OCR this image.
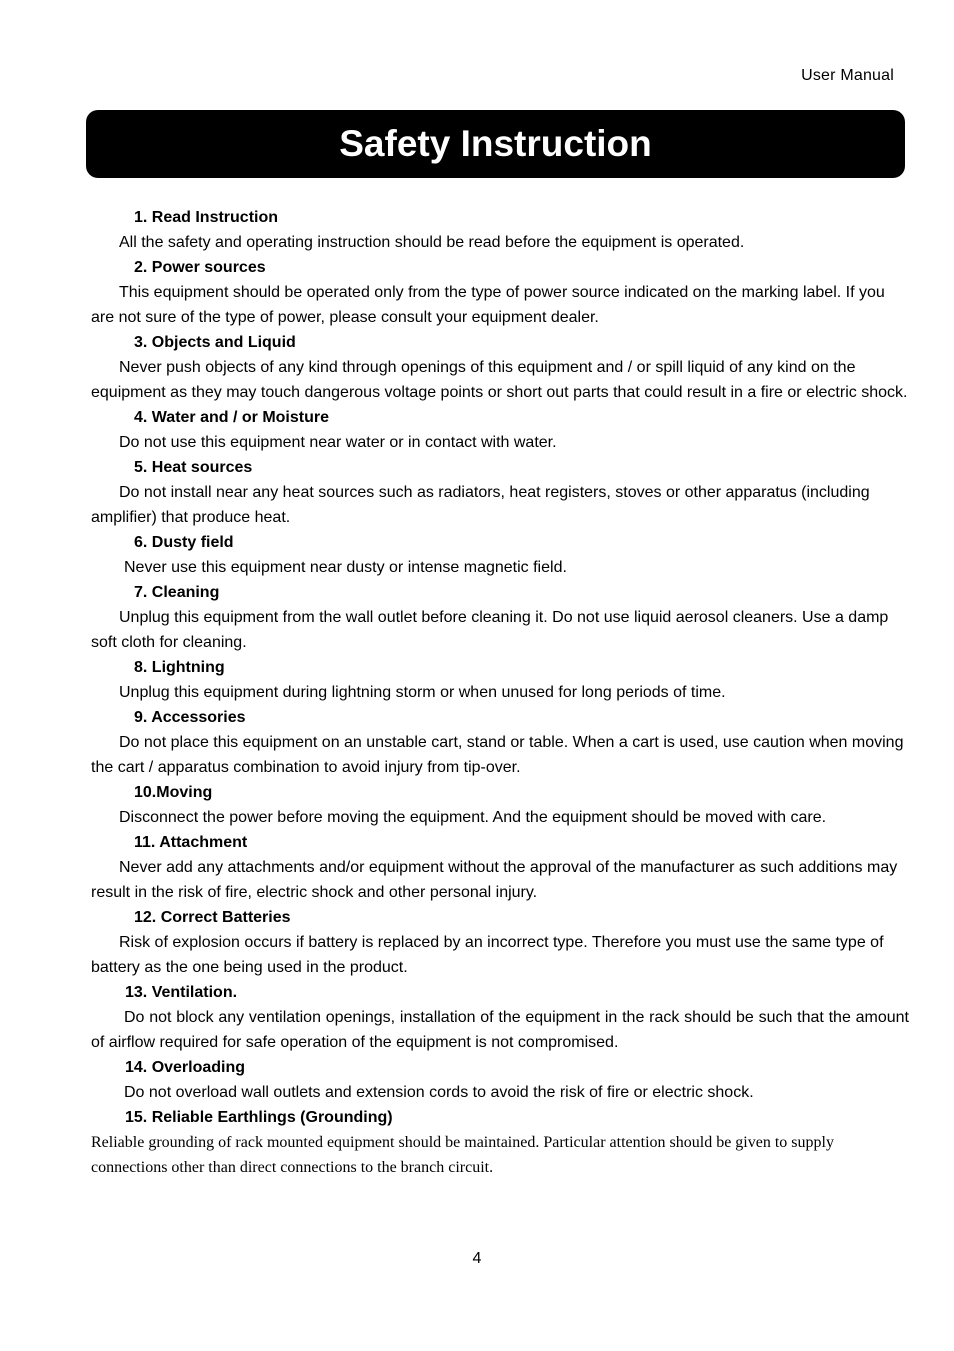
User Manual
Safety Instruction
1. Read Instruction
All the safety and operating instruction should be read before the equipment is operated.
2. Power sources
This equipment should be operated only from the type of power source indicated on the marking label. If you are not sure of the type of power, please consult your equipment dealer.
3. Objects and Liquid
Never push objects of any kind through openings of this equipment and / or spill liquid of any kind on the equipment as they may touch dangerous voltage points or short out parts that could result in a fire or electric shock.
4. Water and / or Moisture
Do not use this equipment near water or in contact with water.
5. Heat sources
Do not install near any heat sources such as radiators, heat registers, stoves or other apparatus (including amplifier) that produce heat.
6. Dusty field
Never use this equipment near dusty or intense magnetic field.
7. Cleaning
Unplug this equipment from the wall outlet before cleaning it. Do not use liquid aerosol cleaners. Use a damp soft cloth for cleaning.
8. Lightning
Unplug this equipment during lightning storm or when unused for long periods of time.
9. Accessories
Do not place this equipment on an unstable cart, stand or table. When a cart is used, use caution when moving the cart / apparatus combination to avoid injury from tip-over.
10.Moving
Disconnect the power before moving the equipment. And the equipment should be moved with care.
11. Attachment
Never add any attachments and/or equipment without the approval of the manufacturer as such additions may result in the risk of fire, electric shock and other personal injury.
12. Correct Batteries
Risk of explosion occurs if battery is replaced by an incorrect type. Therefore you must use the same type of battery as the one being used in the product.
13. Ventilation.
Do not block any ventilation openings, installation of the equipment in the rack should be such that the amount of airflow required for safe operation of the equipment is not compromised.
14. Overloading
Do not overload wall outlets and extension cords to avoid the risk of fire or electric shock.
15. Reliable Earthlings (Grounding)
Reliable grounding of rack mounted equipment should be maintained. Particular attention should be given to supply connections other than direct connections to the branch circuit.
4
